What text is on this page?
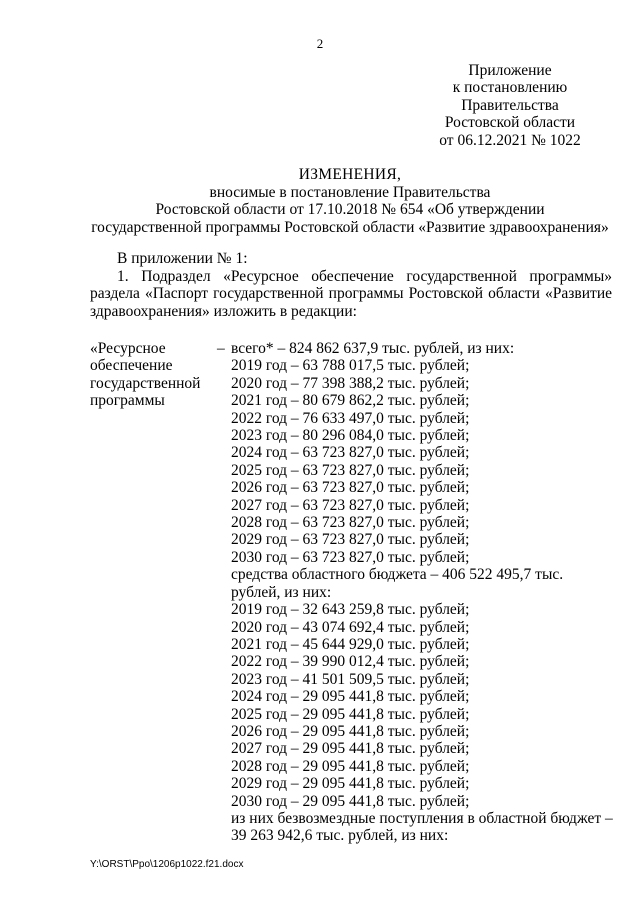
2
Приложение
к постановлению
Правительства
Ростовской области
от 06.12.2021 № 1022
ИЗМЕНЕНИЯ,
вносимые в постановление Правительства
Ростовской области от 17.10.2018 № 654 «Об утверждении
государственной программы Ростовской области «Развитие здравоохранения»
В приложении № 1:
1. Подраздел «Ресурсное обеспечение государственной программы» раздела «Паспорт государственной программы Ростовской области «Развитие здравоохранения» изложить в редакции:
«Ресурсное
обеспечение
государственной
программы
– всего* – 824 862 637,9 тыс. рублей, из них:
2019 год – 63 788 017,5 тыс. рублей;
2020 год – 77 398 388,2 тыс. рублей;
2021 год – 80 679 862,2 тыс. рублей;
2022 год – 76 633 497,0 тыс. рублей;
2023 год – 80 296 084,0 тыс. рублей;
2024 год – 63 723 827,0 тыс. рублей;
2025 год – 63 723 827,0 тыс. рублей;
2026 год – 63 723 827,0 тыс. рублей;
2027 год – 63 723 827,0 тыс. рублей;
2028 год – 63 723 827,0 тыс. рублей;
2029 год – 63 723 827,0 тыс. рублей;
2030 год – 63 723 827,0 тыс. рублей;
средства областного бюджета – 406 522 495,7 тыс. рублей, из них:
2019 год – 32 643 259,8 тыс. рублей;
2020 год – 43 074 692,4 тыс. рублей;
2021 год – 45 644 929,0 тыс. рублей;
2022 год – 39 990 012,4 тыс. рублей;
2023 год – 41 501 509,5 тыс. рублей;
2024 год – 29 095 441,8 тыс. рублей;
2025 год – 29 095 441,8 тыс. рублей;
2026 год – 29 095 441,8 тыс. рублей;
2027 год – 29 095 441,8 тыс. рублей;
2028 год – 29 095 441,8 тыс. рублей;
2029 год – 29 095 441,8 тыс. рублей;
2030 год – 29 095 441,8 тыс. рублей;
из них безвозмездные поступления в областной бюджет – 39 263 942,6 тыс. рублей, из них:
Y:\ORST\Ppo\1206p1022.f21.docx
